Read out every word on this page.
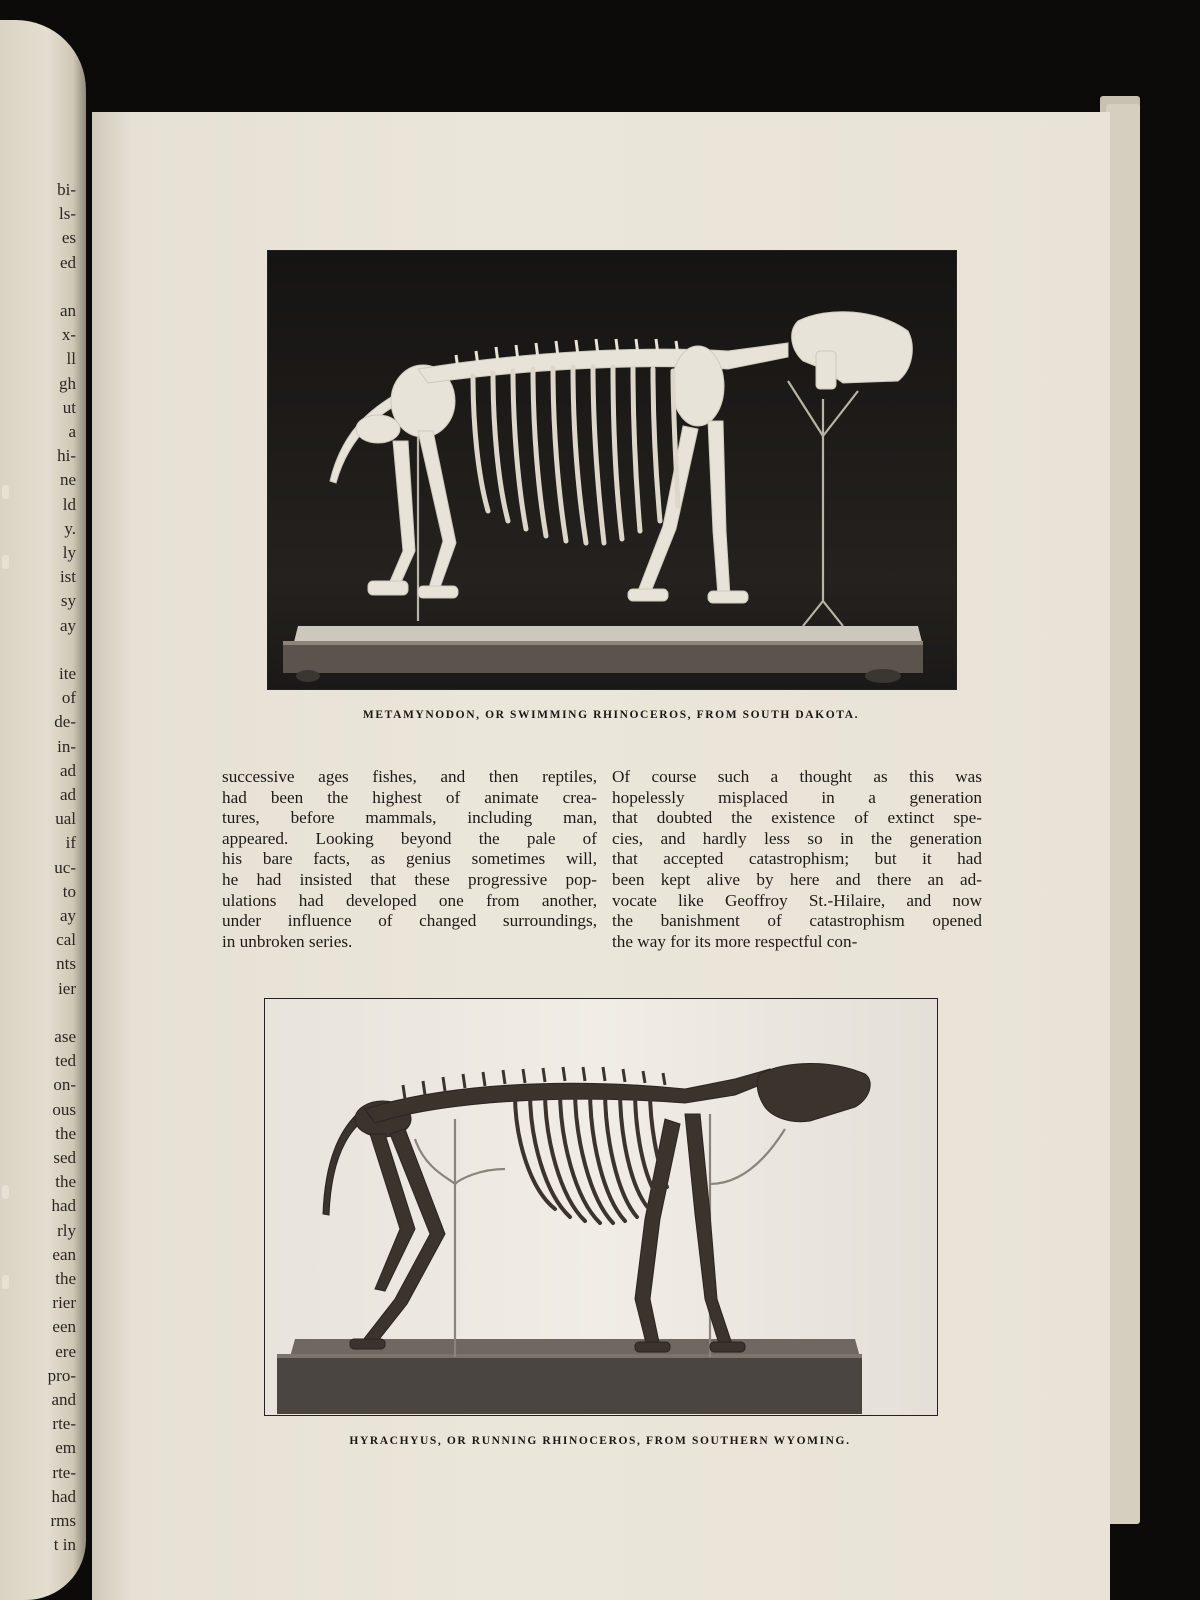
bi-
ls-
es
ed
an
x-
ll
gh
ut
a
hi-
ne
ld
y.
ly
ist
sy
ay
ite
of
de-
in-
ad
ad
ual
if
uc-
to
ay
cal
nts
ier
ase
ted
on-
ous
the
sed
the
had
rly
ean
the
rier
een
ere
pro-
and
rte-
em
rte-
had
rms
t in
METAMYNODON, OR SWIMMING RHINOCEROS, FROM SOUTH DAKOTA.
successive ages fishes, and then reptiles,
had been the highest of animate crea-
tures, before mammals, including man,
appeared. Looking beyond the pale of
his bare facts, as genius sometimes will,
he had insisted that these progressive pop-
ulations had developed one from another,
under influence of changed surroundings,
in unbroken series.
Of course such a thought as this was
hopelessly misplaced in a generation
that doubted the existence of extinct spe-
cies, and hardly less so in the generation
that accepted catastrophism; but it had
been kept alive by here and there an ad-
vocate like Geoffroy St.-Hilaire, and now
the banishment of catastrophism opened
the way for its more respectful con-
HYRACHYUS, OR RUNNING RHINOCEROS, FROM SOUTHERN WYOMING.
